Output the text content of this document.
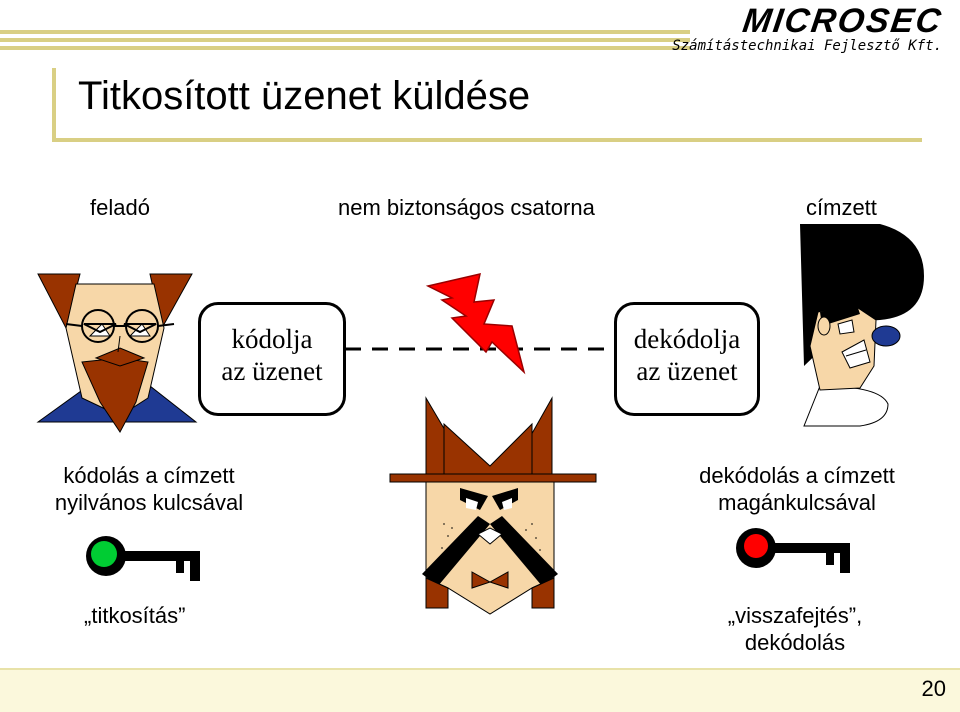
MICROSEC
Számítástechnikai Fejlesztő Kft.
Titkosított üzenet küldése
feladó	nem biztonságos csatorna	címzett
kódolja
az üzenet
dekódolja
az üzenet
kódolás a címzett
nyilvános kulcsával
dekódolás a címzett
magánkulcsával
„titkosítás”	„visszafejtés”,
dekódolás
20
